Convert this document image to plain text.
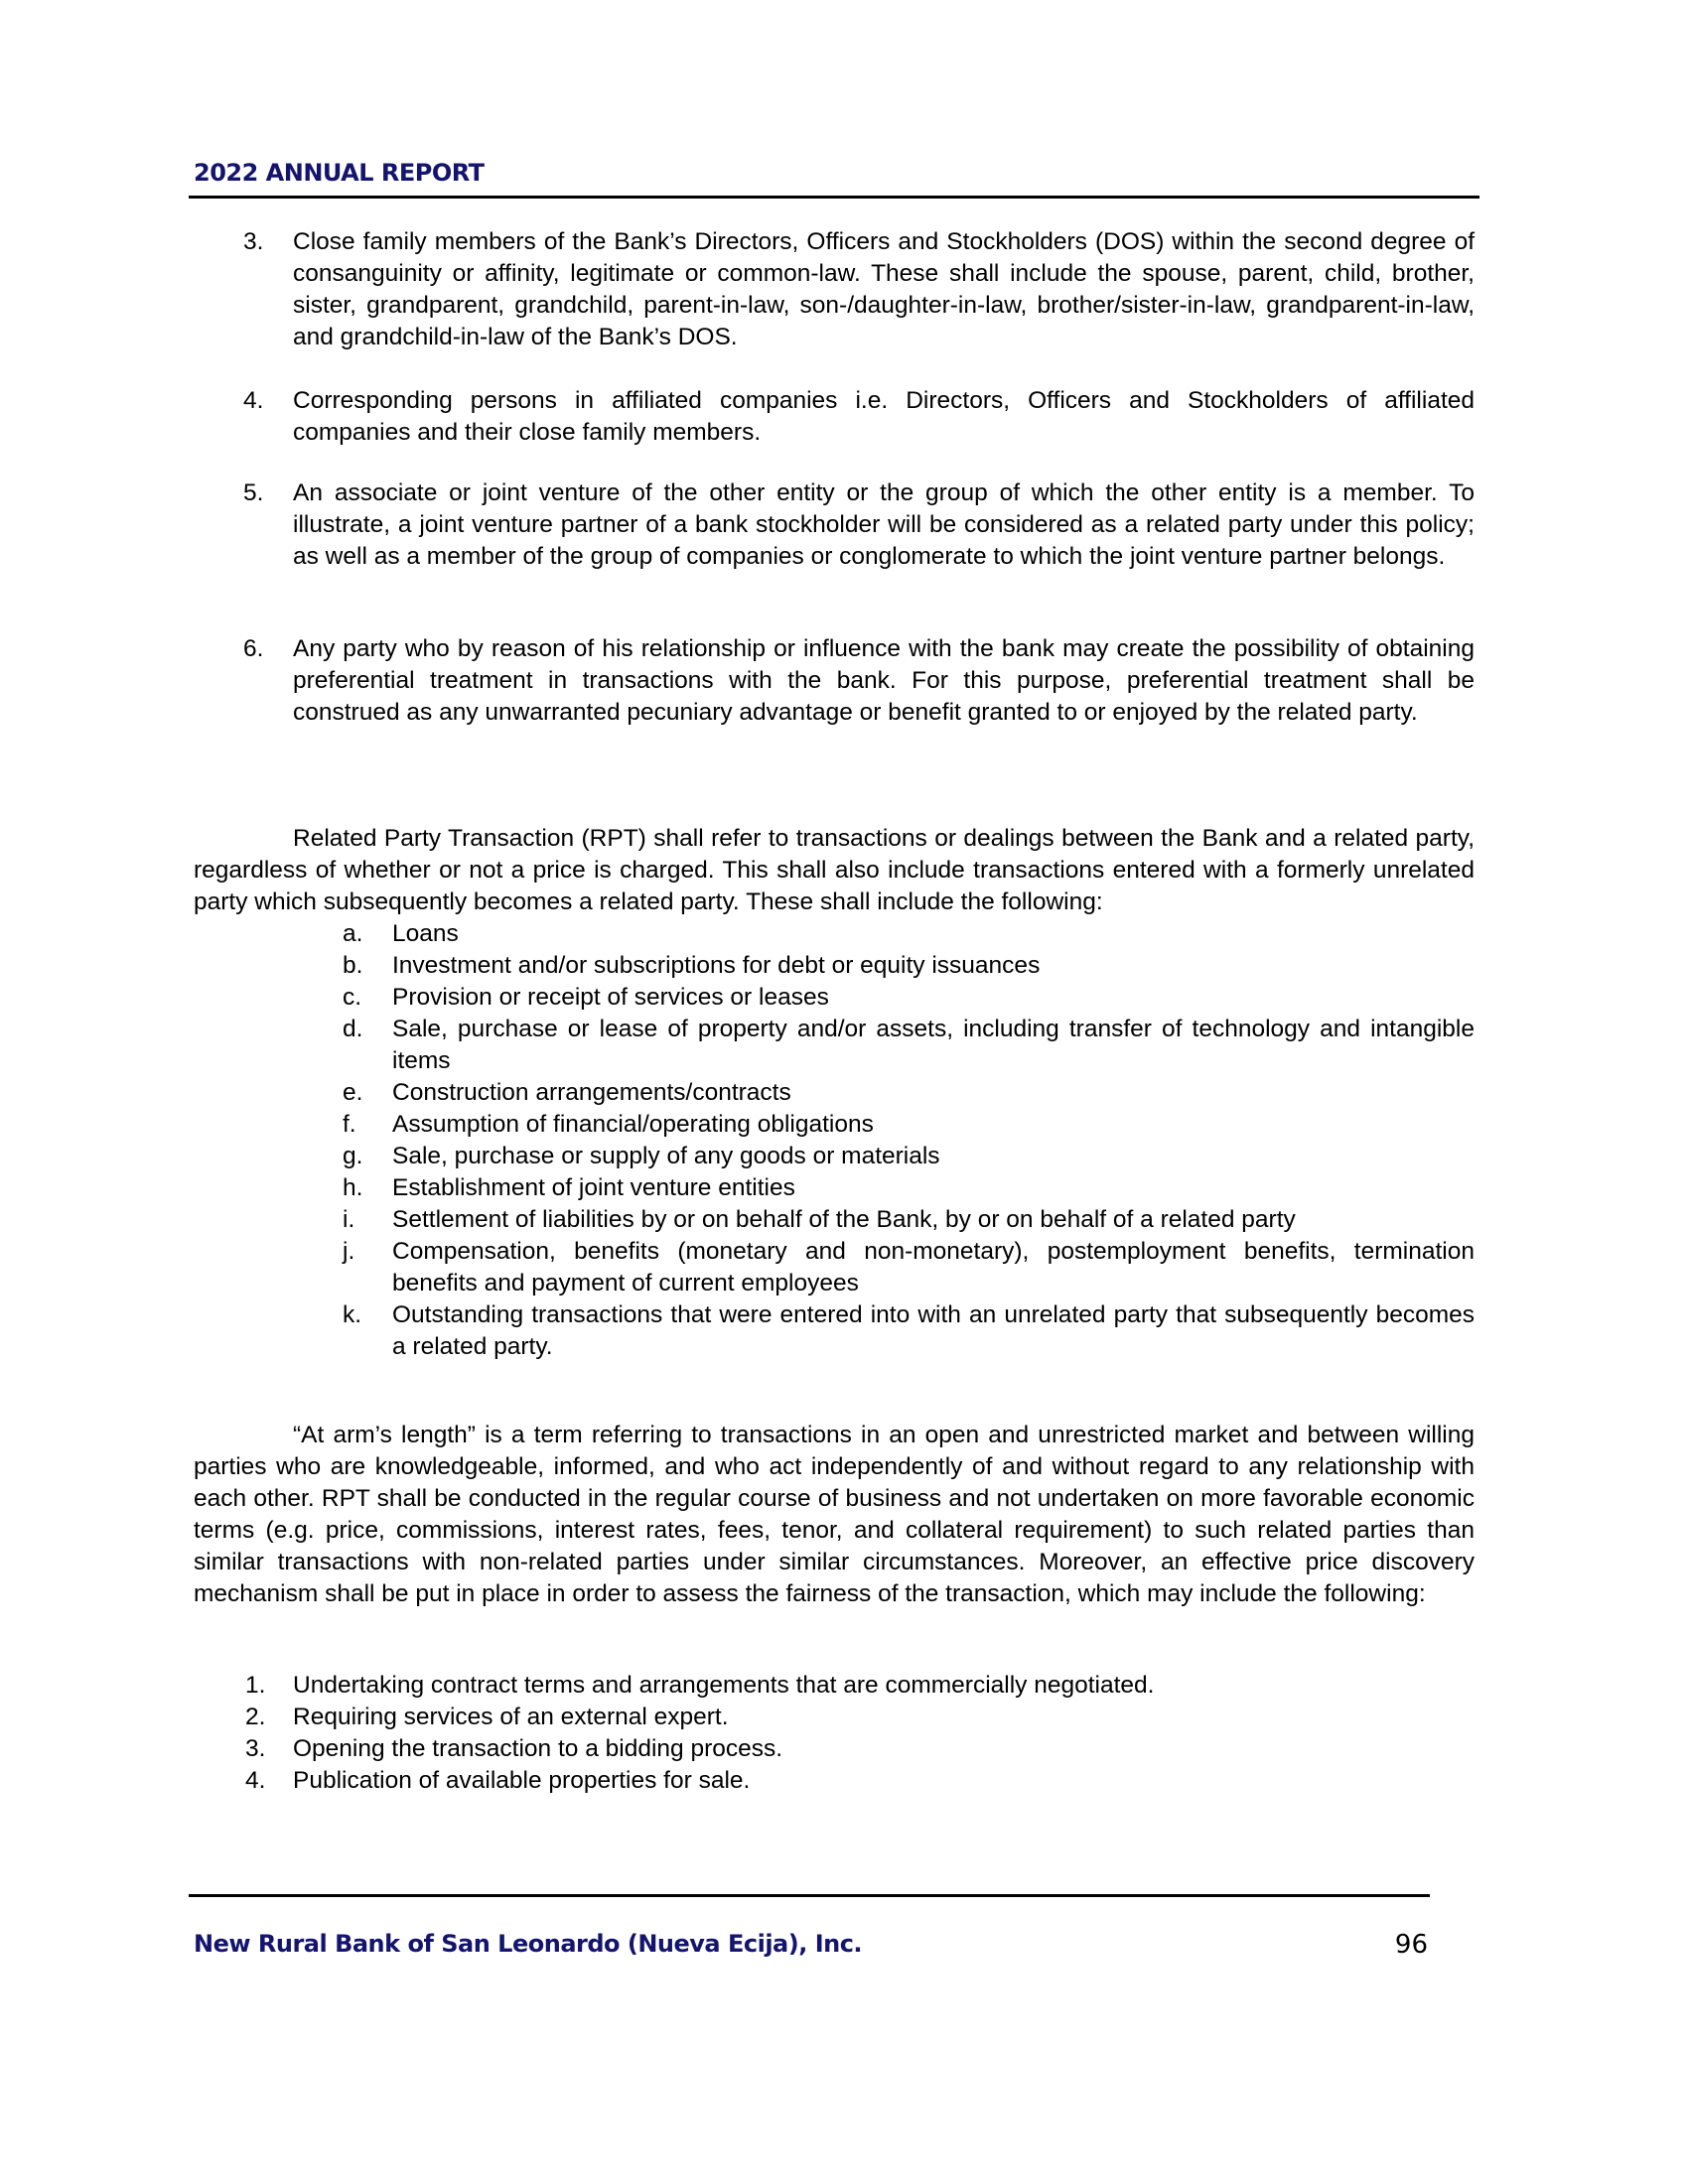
2022 ANNUAL REPORT
3. Close family members of the Bank’s Directors, Officers and Stockholders (DOS) within the second degree of consanguinity or affinity, legitimate or common-law. These shall include the spouse, parent, child, brother, sister, grandparent, grandchild, parent-in-law, son-/daughter-in-law, brother/sister-in-law, grandparent-in-law, and grandchild-in-law of the Bank’s DOS.
4. Corresponding persons in affiliated companies i.e. Directors, Officers and Stockholders of affiliated companies and their close family members.
5. An associate or joint venture of the other entity or the group of which the other entity is a member. To illustrate, a joint venture partner of a bank stockholder will be considered as a related party under this policy; as well as a member of the group of companies or conglomerate to which the joint venture partner belongs.
6. Any party who by reason of his relationship or influence with the bank may create the possibility of obtaining preferential treatment in transactions with the bank. For this purpose, preferential treatment shall be construed as any unwarranted pecuniary advantage or benefit granted to or enjoyed by the related party.
Related Party Transaction (RPT) shall refer to transactions or dealings between the Bank and a related party, regardless of whether or not a price is charged. This shall also include transactions entered with a formerly unrelated party which subsequently becomes a related party. These shall include the following:
a. Loans
b. Investment and/or subscriptions for debt or equity issuances
c. Provision or receipt of services or leases
d. Sale, purchase or lease of property and/or assets, including transfer of technology and intangible items
e. Construction arrangements/contracts
f. Assumption of financial/operating obligations
g. Sale, purchase or supply of any goods or materials
h. Establishment of joint venture entities
i. Settlement of liabilities by or on behalf of the Bank, by or on behalf of a related party
j. Compensation, benefits (monetary and non-monetary), postemployment benefits, termination benefits and payment of current employees
k. Outstanding transactions that were entered into with an unrelated party that subsequently becomes a related party.
“At arm’s length” is a term referring to transactions in an open and unrestricted market and between willing parties who are knowledgeable, informed, and who act independently of and without regard to any relationship with each other. RPT shall be conducted in the regular course of business and not undertaken on more favorable economic terms (e.g. price, commissions, interest rates, fees, tenor, and collateral requirement) to such related parties than similar transactions with non-related parties under similar circumstances. Moreover, an effective price discovery mechanism shall be put in place in order to assess the fairness of the transaction, which may include the following:
1. Undertaking contract terms and arrangements that are commercially negotiated.
2. Requiring services of an external expert.
3. Opening the transaction to a bidding process.
4. Publication of available properties for sale.
New Rural Bank of San Leonardo (Nueva Ecija), Inc.	96
